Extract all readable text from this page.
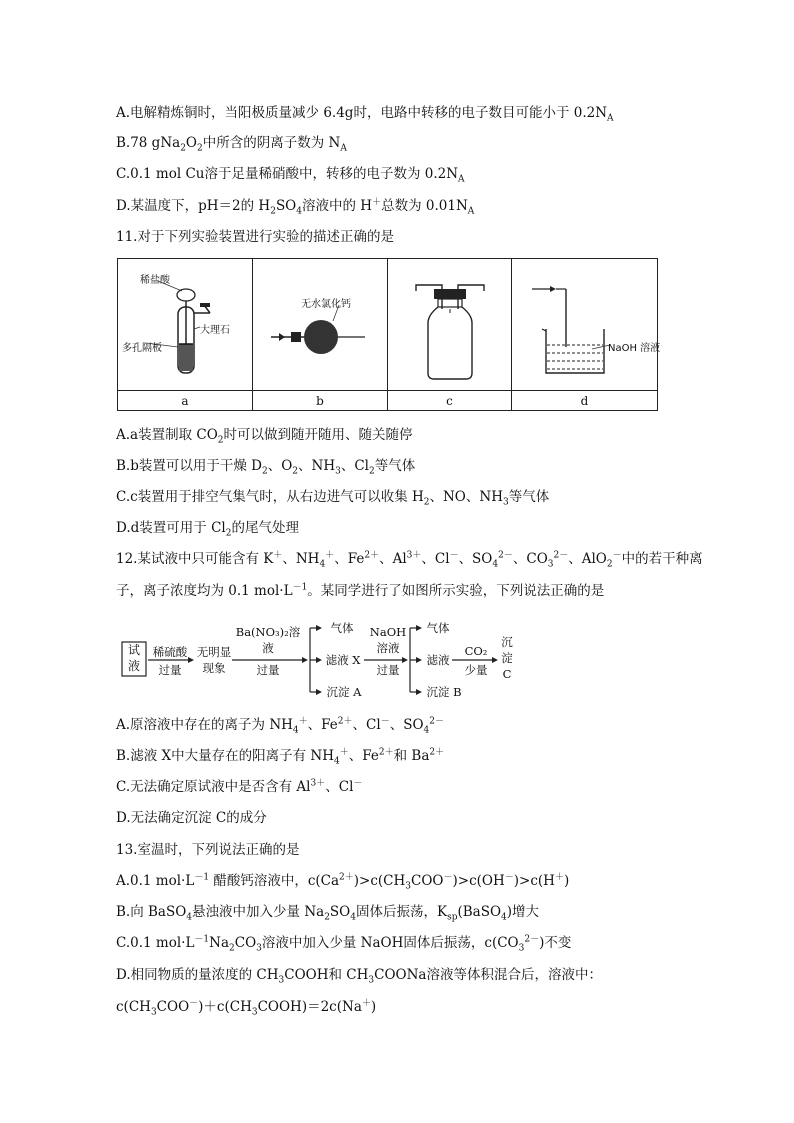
A.电解精炼铜时，当阳极质量减少 6.4g时，电路中转移的电子数目可能小于 $0.2N_A$
B.78 $gNa_2O_2$中所含的阴离子数为 $N_A$
C.0.1 mol Cu溶于足量稀硝酸中，转移的电子数为 $0.2N_A$
D.某温度下，pH＝2的 $H_2SO_4$溶液中的 H＋总数为 $0.01N_A$
11.对于下列实验装置进行实验的描述正确的是
稀盐酸
大理石
多孔隔板
无水氯化钙
NaOH 溶液
a	b	c	d
A.a装置制取 $CO_2$时可以做到随开随用、随关随停
B.b装置可以用于干燥 $D_2$、$O_2$、$NH_3$、$Cl_2$等气体
C.c装置用于排空气集气时，从右边进气可以收集 $H_2$、NO、$NH_3$等气体
D.d装置可用于 $Cl_2$的尾气处理
12.某试液中只可能含有 K＋、$NH_4^+$、$Fe^{2+}$、$Al^{3+}$、Cl－、$SO_4^{2-}$、$CO_3^{2-}$、AlO$_2$－中的若干种离
子，离子浓度均为 0.1 $mol\cdot L^{-1}$。某同学进行了如图所示实验，下列说法正确的是
试液
稀硫酸
过量
无明显现象
Ba(NO₃)₂溶液
过量
气体
滤液 X
沉淀 A
NaOH溶液
过量
气体
滤液
沉淀 B
CO₂
少量
沉淀C
A.原溶液中存在的离子为 $NH_4^+$、$Fe^{2+}$、Cl－、$SO_4^{2-}$
B.滤液 X中大量存在的阳离子有 $NH_4^+$、$Fe^{2+}$和 $Ba^{2+}$
C.无法确定原试液中是否含有 $Al^{3+}$、Cl－
D.无法确定沉淀 C的成分
13.室温时，下列说法正确的是
A.0.1 $mol\cdot L^{-1}$ 醋酸钙溶液中，$c(Ca^{2+})>c(CH_3COO^-)>c(OH^-)>c(H^+)$
B.向 BaSO$_4$悬浊液中加入少量 $Na_2SO_4$固体后振荡，$K_{sp}(BaSO_4)$增大
C.0.1 $mol\cdot L^{-1}Na_2CO_3$溶液中加入少量 NaOH固体后振荡，$c(CO_3^{2-})$不变
D.相同物质的量浓度的 $CH_3COOH$和 $CH_3COONa$溶液等体积混合后，溶液中：
$c(CH_3COO^-)+c(CH_3COOH)=2c(Na^+)$
